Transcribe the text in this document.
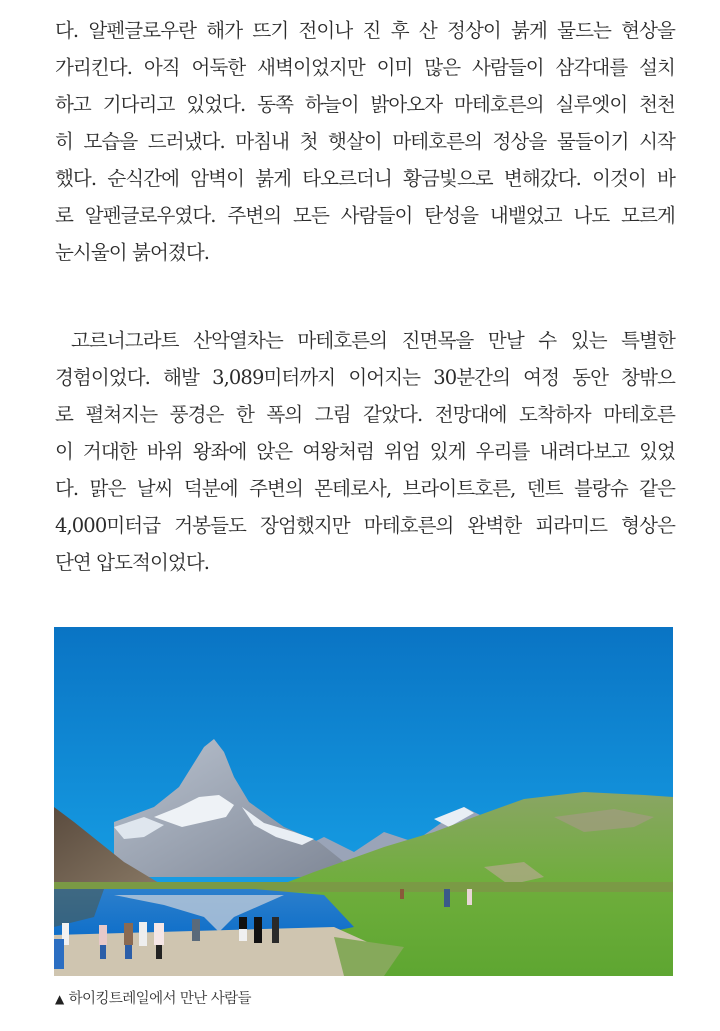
다. 알펜글로우란 해가 뜨기 전이나 진 후 산 정상이 붉게 물드는 현상을
가리킨다. 아직 어둑한 새벽이었지만 이미 많은 사람들이 삼각대를 설치
하고 기다리고 있었다. 동쪽 하늘이 밝아오자 마테호른의 실루엣이 천천
히 모습을 드러냈다. 마침내 첫 햇살이 마테호른의 정상을 물들이기 시작
했다. 순식간에 암벽이 붉게 타오르더니 황금빛으로 변해갔다. 이것이 바
로 알펜글로우였다. 주변의 모든 사람들이 탄성을 내뱉었고 나도 모르게
눈시울이 붉어졌다.
고르너그라트 산악열차는 마테호른의 진면목을 만날 수 있는 특별한
경험이었다. 해발 3,089미터까지 이어지는 30분간의 여정 동안 창밖으
로 펼쳐지는 풍경은 한 폭의 그림 같았다. 전망대에 도착하자 마테호른
이 거대한 바위 왕좌에 앉은 여왕처럼 위엄 있게 우리를 내려다보고 있었
다. 맑은 날씨 덕분에 주변의 몬테로사, 브라이트호른, 덴트 블랑슈 같은
4,000미터급 거봉들도 장엄했지만 마테호른의 완벽한 피라미드 형상은
단연 압도적이었다.
▲ 하이킹트레일에서 만난 사람들
